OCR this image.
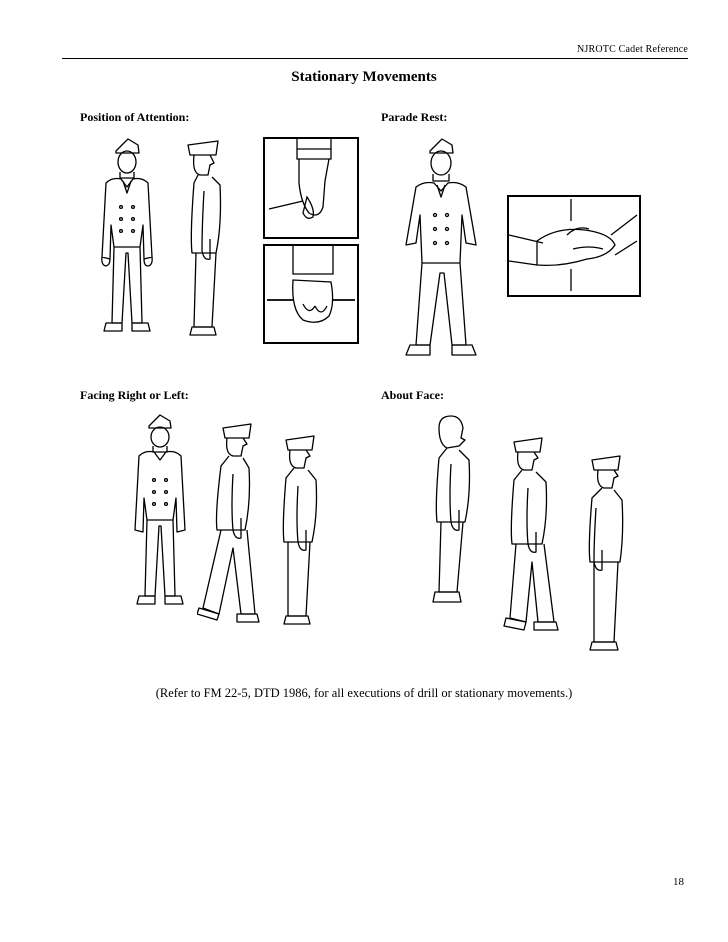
NJROTC Cadet Reference
Stationary Movements
Position of Attention:	Parade Rest:
Facing Right or Left:	About Face:
(Refer to FM 22-5, DTD 1986, for all executions of drill or stationary movements.)
18
